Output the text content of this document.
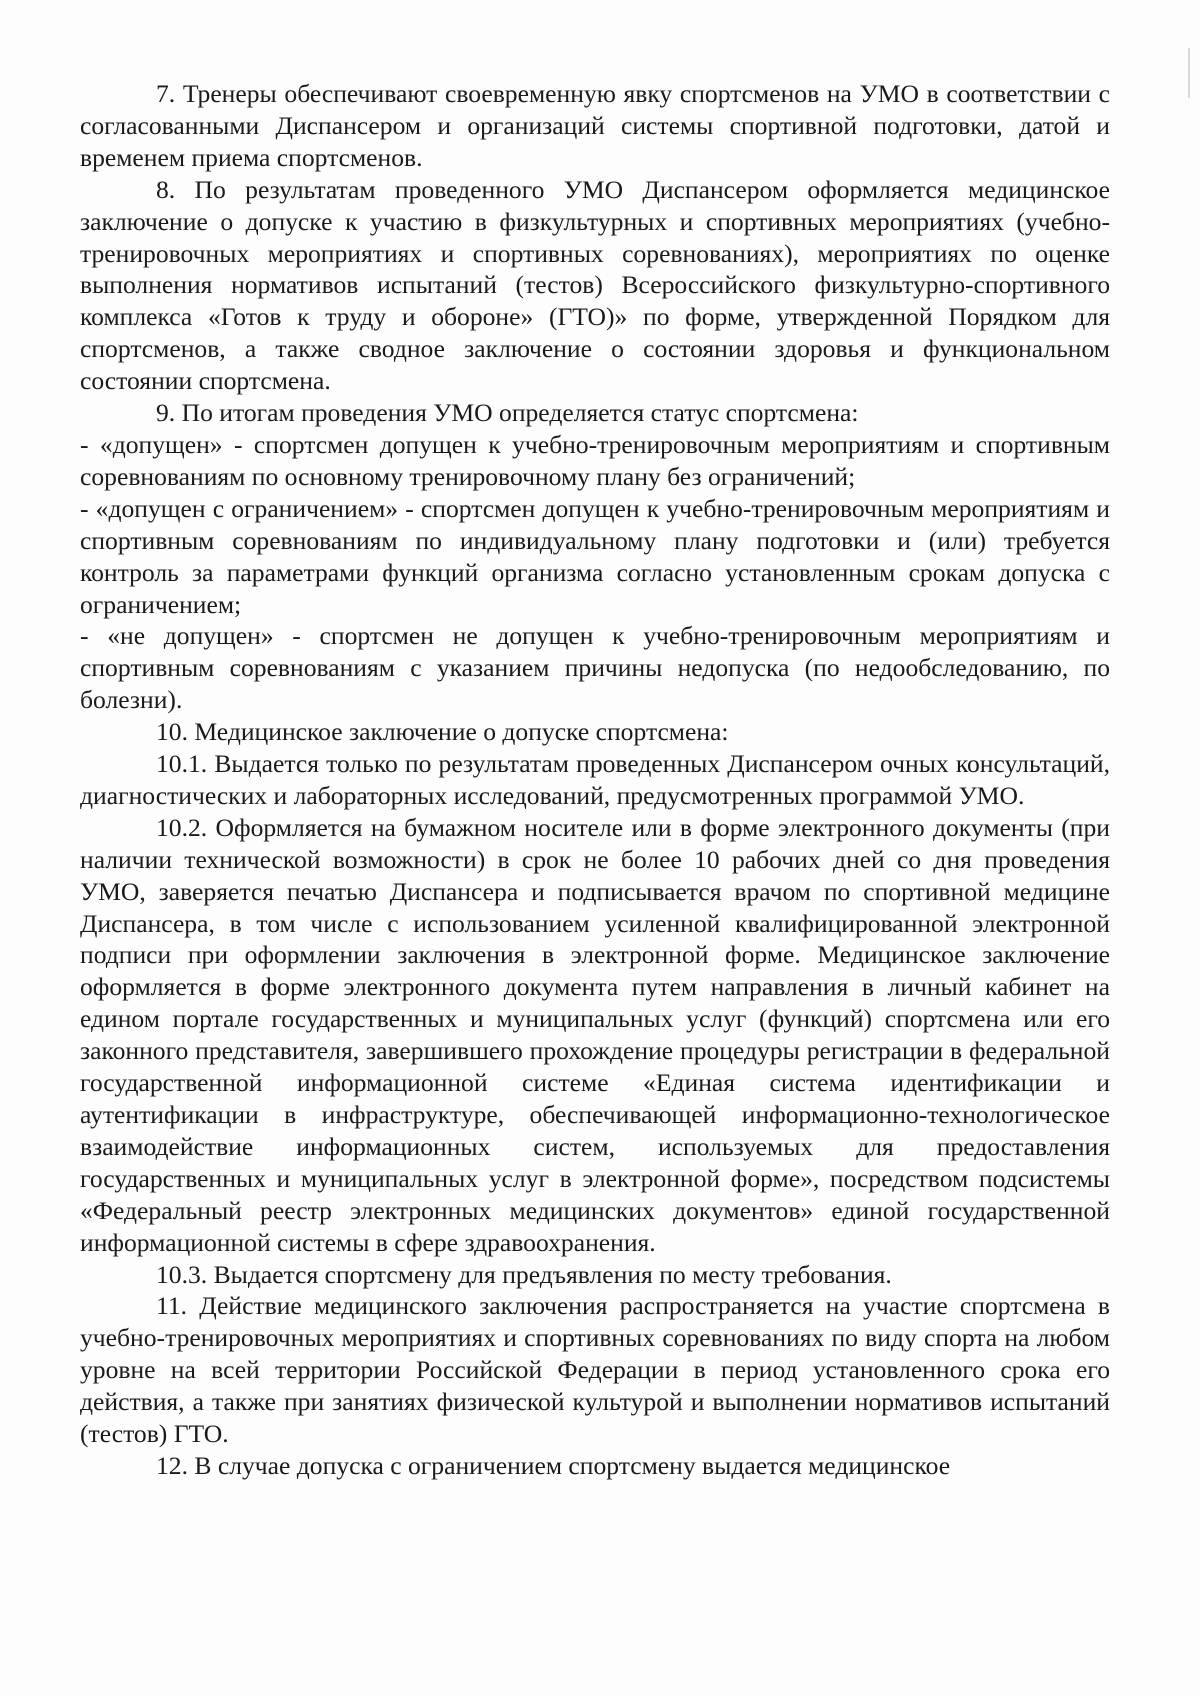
7. Тренеры обеспечивают своевременную явку спортсменов на УМО в соответствии с согласованными Диспансером и организаций системы спортивной подготовки, датой и временем приема спортсменов.

8. По результатам проведенного УМО Диспансером оформляется медицинское заключение о допуске к участию в физкультурных и спортивных мероприятиях (учебно-тренировочных мероприятиях и спортивных соревнованиях), мероприятиях по оценке выполнения нормативов испытаний (тестов) Всероссийского физкультурно-спортивного комплекса «Готов к труду и обороне» (ГТО)» по форме, утвержденной Порядком для спортсменов, а также сводное заключение о состоянии здоровья и функциональном состоянии спортсмена.

9. По итогам проведения УМО определяется статус спортсмена:

- «допущен» - спортсмен допущен к учебно-тренировочным мероприятиям и спортивным соревнованиям по основному тренировочному плану без ограничений;

- «допущен с ограничением» - спортсмен допущен к учебно-тренировочным мероприятиям и спортивным соревнованиям по индивидуальному плану подготовки и (или) требуется контроль за параметрами функций организма согласно установленным срокам допуска с ограничением;

- «не допущен» - спортсмен не допущен к учебно-тренировочным мероприятиям и спортивным соревнованиям с указанием причины недопуска (по недообследованию, по болезни).

10. Медицинское заключение о допуске спортсмена:

10.1. Выдается только по результатам проведенных Диспансером очных консультаций, диагностических и лабораторных исследований, предусмотренных программой УМО.

10.2. Оформляется на бумажном носителе или в форме электронного документы (при наличии технической возможности) в срок не более 10 рабочих дней со дня проведения УМО, заверяется печатью Диспансера и подписывается врачом по спортивной медицине Диспансера, в том числе с использованием усиленной квалифицированной электронной подписи при оформлении заключения в электронной форме. Медицинское заключение оформляется в форме электронного документа путем направления в личный кабинет на едином портале государственных и муниципальных услуг (функций) спортсмена или его законного представителя, завершившего прохождение процедуры регистрации в федеральной государственной информационной системе «Единая система идентификации и аутентификации в инфраструктуре, обеспечивающей информационно-технологическое взаимодействие информационных систем, используемых для предоставления государственных и муниципальных услуг в электронной форме», посредством подсистемы «Федеральный реестр электронных медицинских документов» единой государственной информационной системы в сфере здравоохранения.

10.3. Выдается спортсмену для предъявления по месту требования.

11. Действие медицинского заключения распространяется на участие спортсмена в учебно-тренировочных мероприятиях и спортивных соревнованиях по виду спорта на любом уровне на всей территории Российской Федерации в период установленного срока его действия, а также при занятиях физической культурой и выполнении нормативов испытаний (тестов) ГТО.

12. В случае допуска с ограничением спортсмену выдается медицинское
